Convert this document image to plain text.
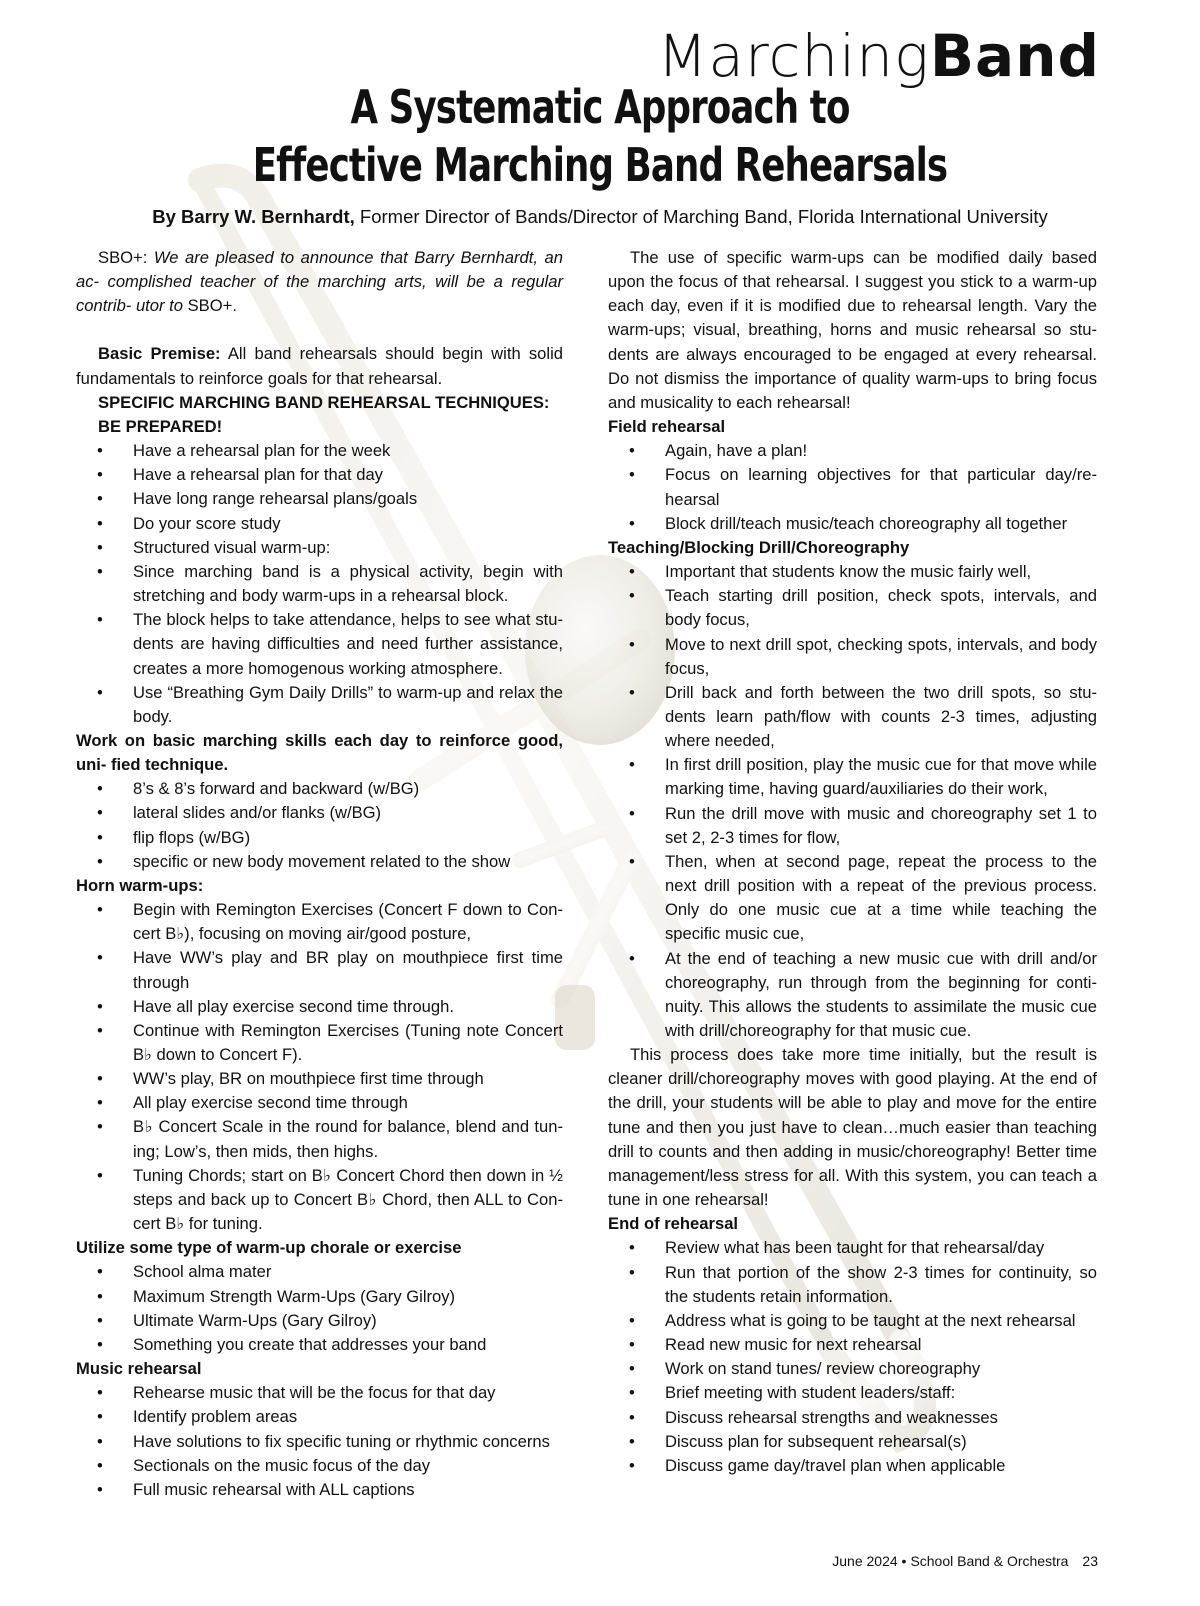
MarchingBand
A Systematic Approach to
Effective Marching Band Rehearsals
By Barry W. Bernhardt, Former Director of Bands/Director of Marching Band, Florida International University

SBO+: We are pleased to announce that Barry Bernhardt, an ac- complished teacher of the marching arts, will be a regular contrib- utor to SBO+.

Basic Premise: All band rehearsals should begin with solid fundamentals to reinforce goals for that rehearsal.

SPECIFIC MARCHING BAND REHEARSAL TECHNIQUES:

BE PREPARED!

• Have a rehearsal plan for the week
• Have a rehearsal plan for that day
• Have long range rehearsal plans/goals
• Do your score study
• Structured visual warm-up:
• Since marching band is a physical activity, begin with stretching and body warm-ups in a rehearsal block.
• The block helps to take attendance, helps to see what stu- dents are having difficulties and need further assistance, creates a more homogenous working atmosphere.
• Use “Breathing Gym Daily Drills” to warm-up and relax the body.

Work on basic marching skills each day to reinforce good, uni- fied technique.

• 8’s & 8’s forward and backward (w/BG)
• lateral slides and/or flanks (w/BG)
• flip flops (w/BG)
• specific or new body movement related to the show

Horn warm-ups:

• Begin with Remington Exercises (Concert F down to Con- cert B♭), focusing on moving air/good posture,
• Have WW’s play and BR play on mouthpiece first time through
• Have all play exercise second time through.
• Continue with Remington Exercises (Tuning note Concert B♭ down to Concert F).
• WW’s play, BR on mouthpiece first time through
• All play exercise second time through
• B♭ Concert Scale in the round for balance, blend and tun- ing; Low’s, then mids, then highs.
• Tuning Chords; start on B♭ Concert Chord then down in ½ steps and back up to Concert B♭ Chord, then ALL to Con- cert B♭ for tuning.

Utilize some type of warm-up chorale or exercise

• School alma mater
• Maximum Strength Warm-Ups (Gary Gilroy)
• Ultimate Warm-Ups (Gary Gilroy)
• Something you create that addresses your band

Music rehearsal

• Rehearse music that will be the focus for that day
• Identify problem areas
• Have solutions to fix specific tuning or rhythmic concerns
• Sectionals on the music focus of the day
• Full music rehearsal with ALL captions

The use of specific warm-ups can be modified daily based upon the focus of that rehearsal. I suggest you stick to a warm-up each day, even if it is modified due to rehearsal length. Vary the warm-ups; visual, breathing, horns and music rehearsal so stu- dents are always encouraged to be engaged at every rehearsal. Do not dismiss the importance of quality warm-ups to bring focus and musicality to each rehearsal!

Field rehearsal

• Again, have a plan!
• Focus on learning objectives for that particular day/re- hearsal
• Block drill/teach music/teach choreography all together

Teaching/Blocking Drill/Choreography

• Important that students know the music fairly well,
• Teach starting drill position, check spots, intervals, and body focus,
• Move to next drill spot, checking spots, intervals, and body focus,
• Drill back and forth between the two drill spots, so stu- dents learn path/flow with counts 2-3 times, adjusting where needed,
• In first drill position, play the music cue for that move while marking time, having guard/auxiliaries do their work,
• Run the drill move with music and choreography set 1 to set 2, 2-3 times for flow,
• Then, when at second page, repeat the process to the next drill position with a repeat of the previous process. Only do one music cue at a time while teaching the specific music cue,
• At the end of teaching a new music cue with drill and/or choreography, run through from the beginning for conti- nuity. This allows the students to assimilate the music cue with drill/choreography for that music cue.

This process does take more time initially, but the result is cleaner drill/choreography moves with good playing. At the end of the drill, your students will be able to play and move for the entire tune and then you just have to clean…much easier than teaching drill to counts and then adding in music/choreography! Better time management/less stress for all. With this system, you can teach a tune in one rehearsal!

End of rehearsal

• Review what has been taught for that rehearsal/day
• Run that portion of the show 2-3 times for continuity, so the students retain information.
• Address what is going to be taught at the next rehearsal
• Read new music for next rehearsal
• Work on stand tunes/ review choreography
• Brief meeting with student leaders/staff:
• Discuss rehearsal strengths and weaknesses
• Discuss plan for subsequent rehearsal(s)
• Discuss game day/travel plan when applicable
June 2024 • School Band & Orchestra 23
